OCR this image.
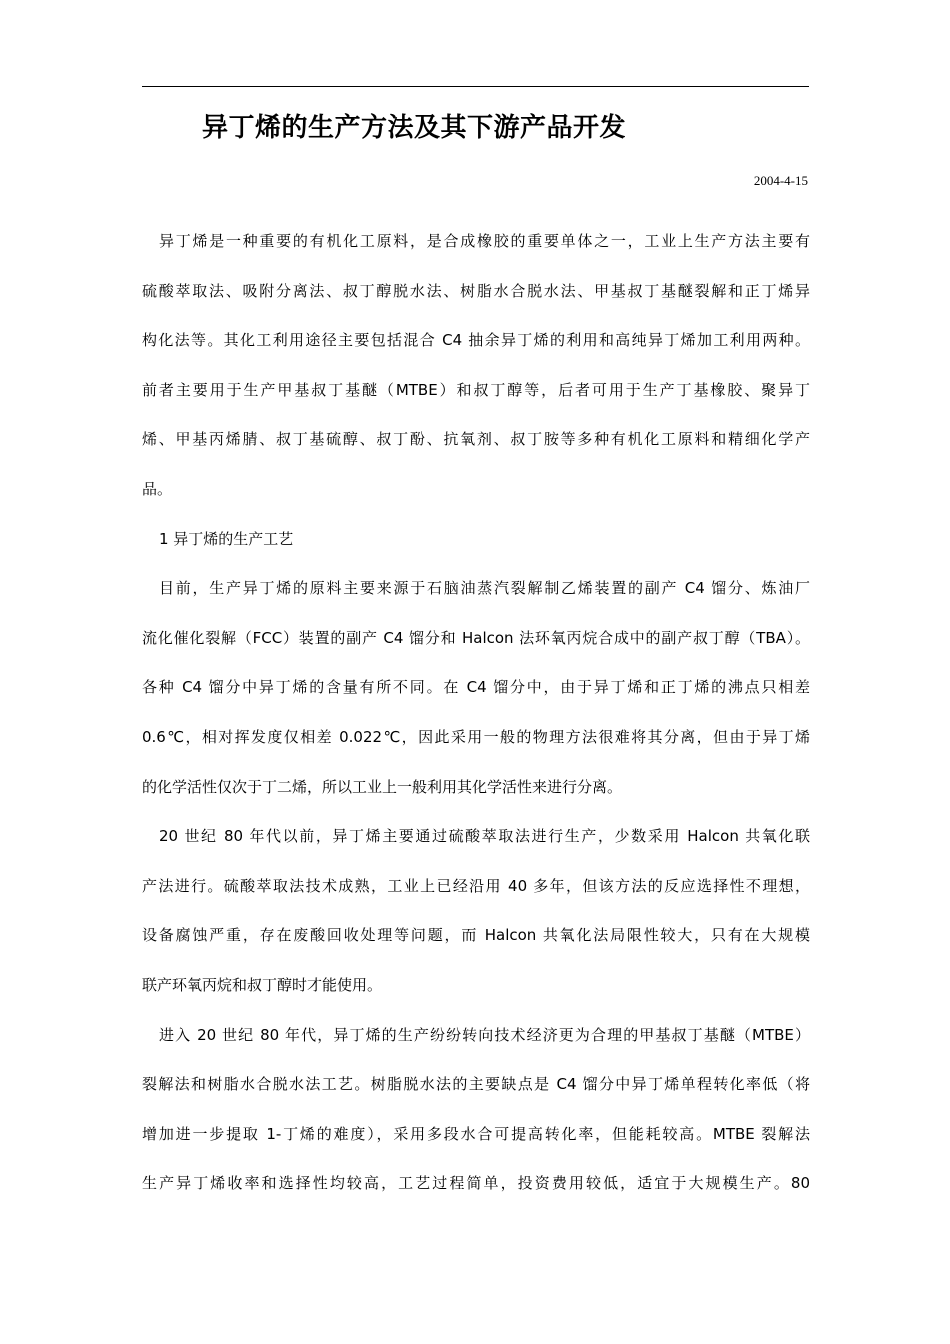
异丁烯的生产方法及其下游产品开发
2004-4-15
异丁烯是一种重要的有机化工原料，是合成橡胶的重要单体之一，工业上生产方法主要有
硫酸萃取法、吸附分离法、叔丁醇脱水法、树脂水合脱水法、甲基叔丁基醚裂解和正丁烯异
构化法等。其化工利用途径主要包括混合 C4 抽余异丁烯的利用和高纯异丁烯加工利用两种。
前者主要用于生产甲基叔丁基醚（MTBE）和叔丁醇等，后者可用于生产丁基橡胶、聚异丁
烯、甲基丙烯腈、叔丁基硫醇、叔丁酚、抗氧剂、叔丁胺等多种有机化工原料和精细化学产
品。
1 异丁烯的生产工艺
目前，生产异丁烯的原料主要来源于石脑油蒸汽裂解制乙烯装置的副产 C4 馏分、炼油厂
流化催化裂解（FCC）装置的副产 C4 馏分和 Halcon 法环氧丙烷合成中的副产叔丁醇（TBA）。
各种 C4 馏分中异丁烯的含量有所不同。在 C4 馏分中，由于异丁烯和正丁烯的沸点只相差
0.6℃，相对挥发度仅相差 0.022℃，因此采用一般的物理方法很难将其分离，但由于异丁烯
的化学活性仅次于丁二烯，所以工业上一般利用其化学活性来进行分离。
20 世纪 80 年代以前，异丁烯主要通过硫酸萃取法进行生产，少数采用 Halcon 共氧化联
产法进行。硫酸萃取法技术成熟，工业上已经沿用 40 多年，但该方法的反应选择性不理想，
设备腐蚀严重，存在废酸回收处理等问题，而 Halcon 共氧化法局限性较大，只有在大规模
联产环氧丙烷和叔丁醇时才能使用。
进入 20 世纪 80 年代，异丁烯的生产纷纷转向技术经济更为合理的甲基叔丁基醚（MTBE）
裂解法和树脂水合脱水法工艺。树脂脱水法的主要缺点是 C4 馏分中异丁烯单程转化率低（将
增加进一步提取 1-丁烯的难度），采用多段水合可提高转化率，但能耗较高。MTBE 裂解法
生产异丁烯收率和选择性均较高，工艺过程简单，投资费用较低，适宜于大规模生产。80
